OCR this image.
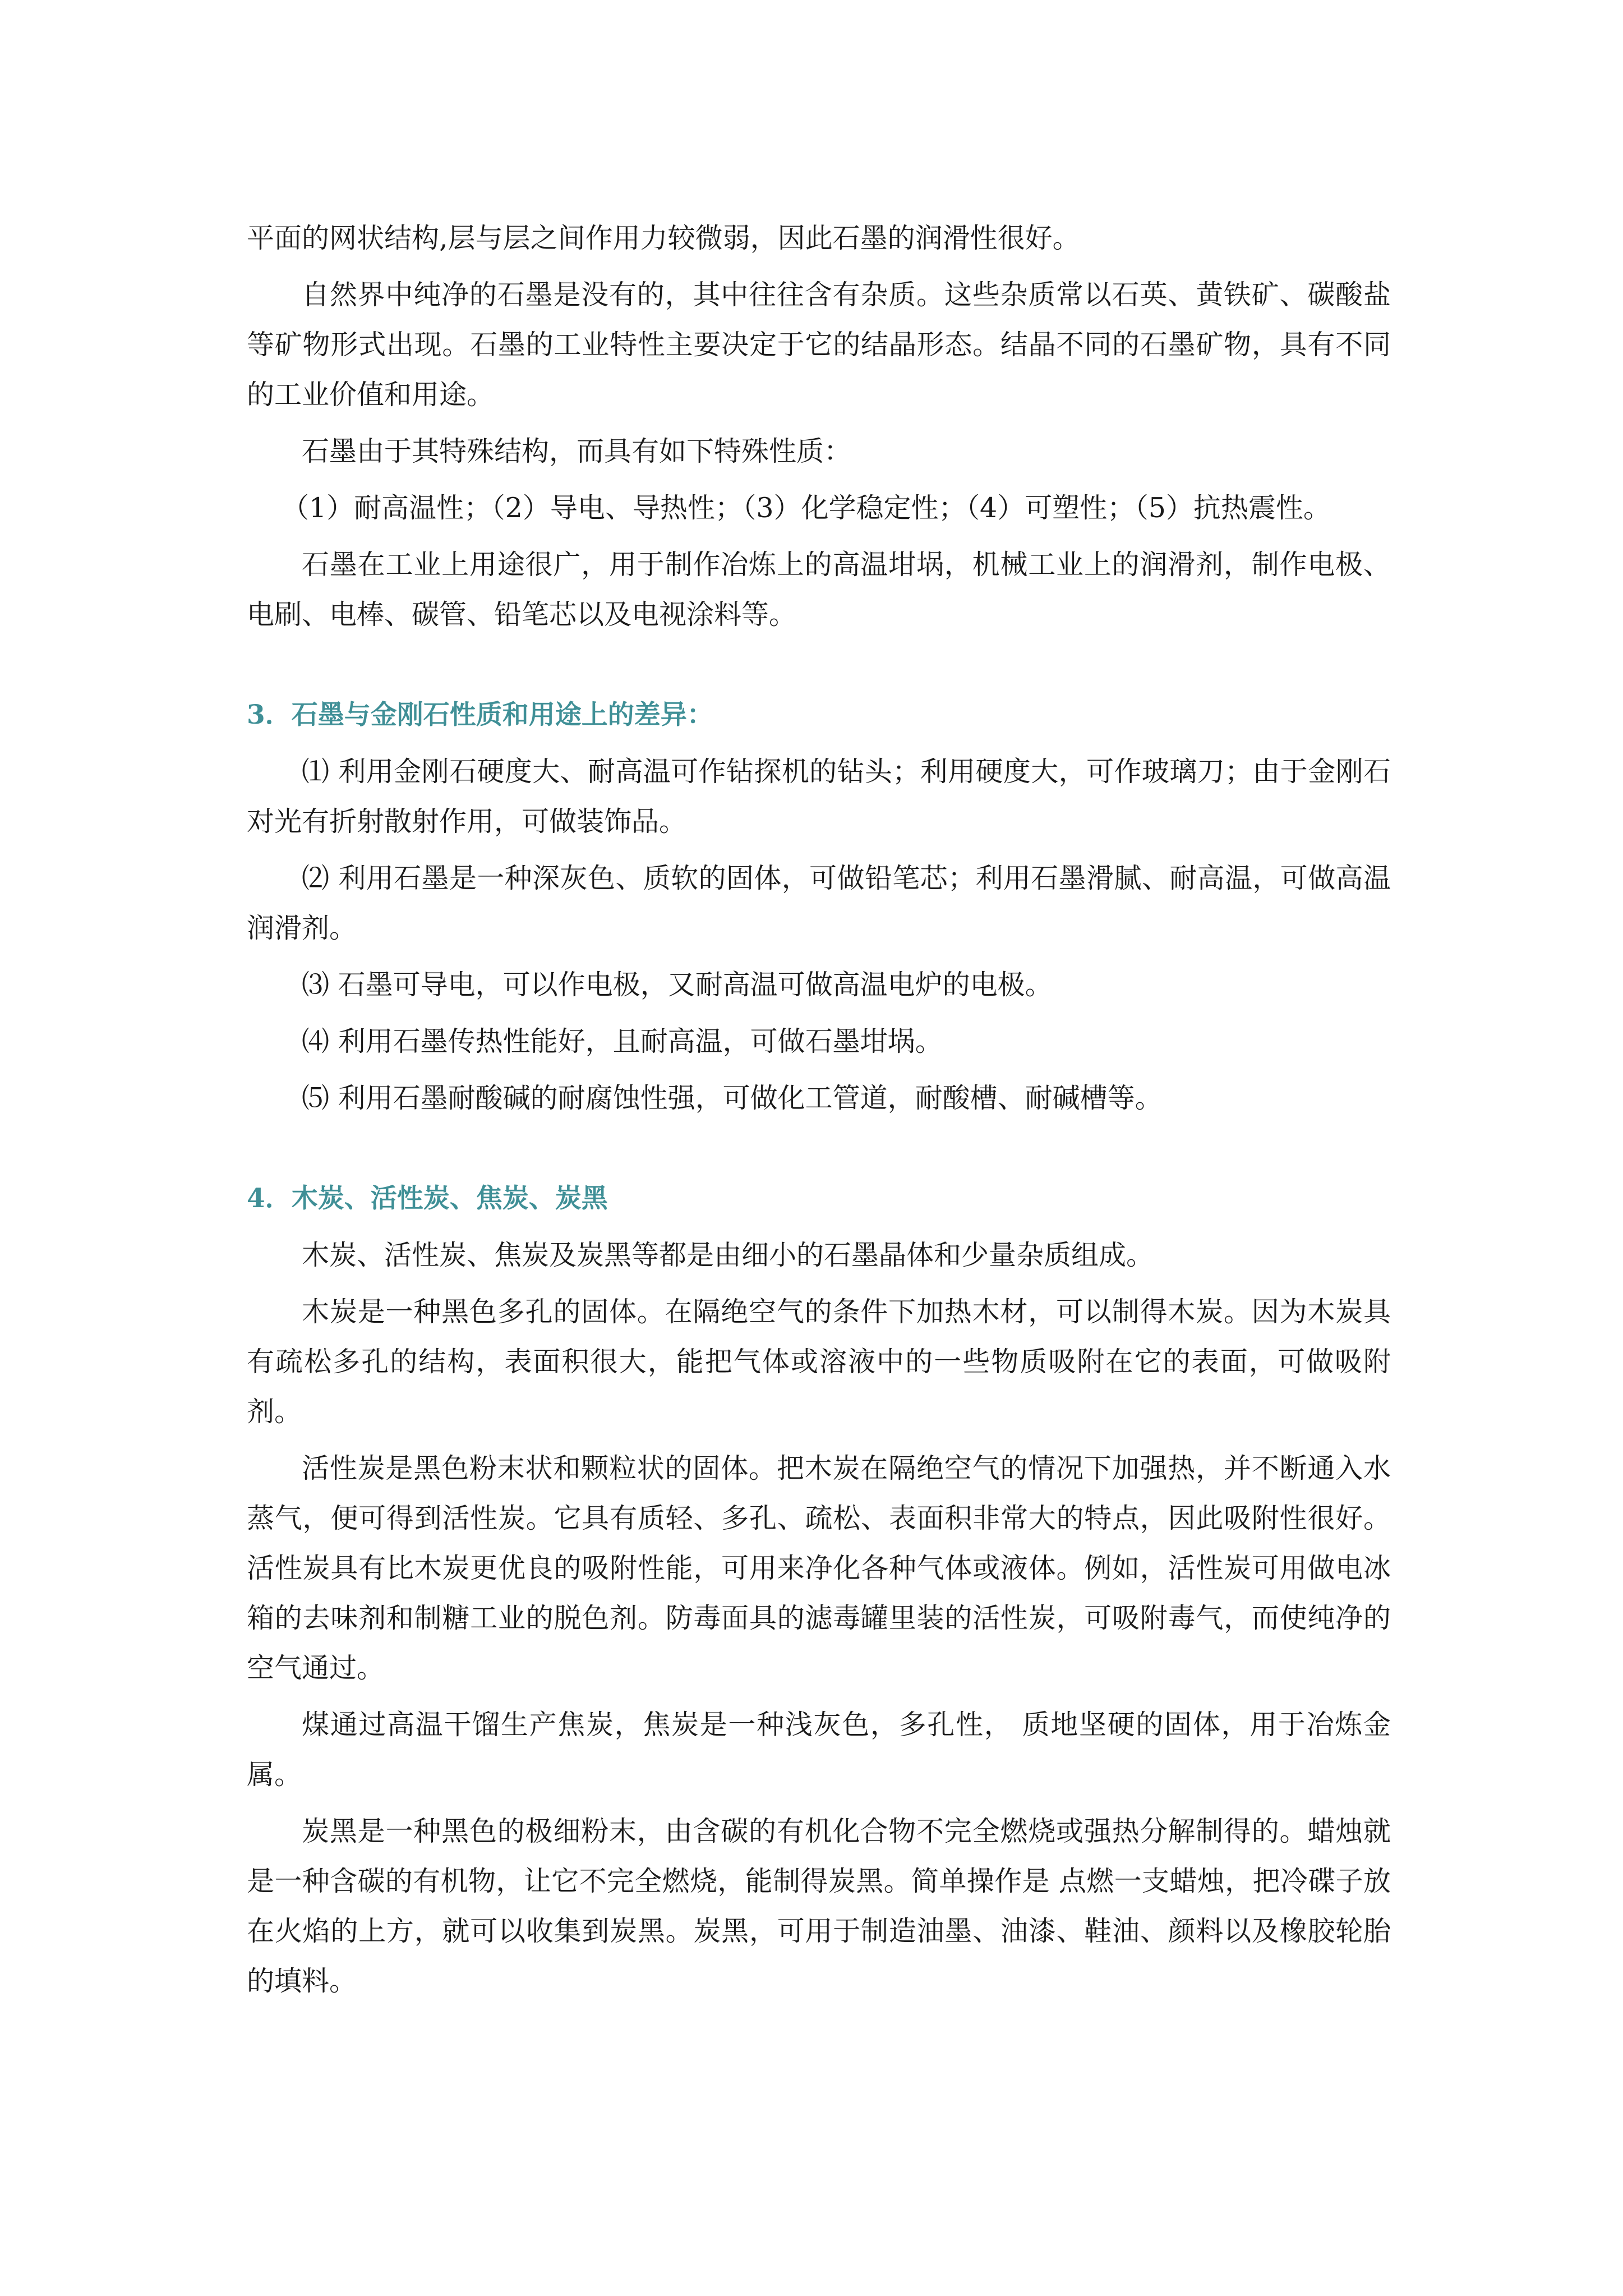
平面的网状结构,层与层之间作用力较微弱，因此石墨的润滑性很好。

自然界中纯净的石墨是没有的，其中往往含有杂质。这些杂质常以石英、黄铁矿、碳酸盐等矿物形式出现。石墨的工业特性主要决定于它的结晶形态。结晶不同的石墨矿物，具有不同的工业价值和用途。

石墨由于其特殊结构，而具有如下特殊性质：

（1）耐高温性；（2）导电、导热性；（3）化学稳定性；（4）可塑性；（5）抗热震性。

石墨在工业上用途很广，用于制作冶炼上的高温坩埚，机械工业上的润滑剂，制作电极、电刷、电棒、碳管、铅笔芯以及电视涂料等。

3．石墨与金刚石性质和用途上的差异：

⑴ 利用金刚石硬度大、耐高温可作钻探机的钻头；利用硬度大，可作玻璃刀；由于金刚石对光有折射散射作用，可做装饰品。

⑵ 利用石墨是一种深灰色、质软的固体，可做铅笔芯；利用石墨滑腻、耐高温，可做高温润滑剂。

⑶ 石墨可导电，可以作电极，又耐高温可做高温电炉的电极。

⑷ 利用石墨传热性能好，且耐高温，可做石墨坩埚。

⑸ 利用石墨耐酸碱的耐腐蚀性强，可做化工管道，耐酸槽、耐碱槽等。

4．木炭、活性炭、焦炭、炭黑

木炭、活性炭、焦炭及炭黑等都是由细小的石墨晶体和少量杂质组成。

木炭是一种黑色多孔的固体。在隔绝空气的条件下加热木材，可以制得木炭。因为木炭具有疏松多孔的结构，表面积很大，能把气体或溶液中的一些物质吸附在它的表面，可做吸附剂。

活性炭是黑色粉末状和颗粒状的固体。把木炭在隔绝空气的情况下加强热，并不断通入水蒸气，便可得到活性炭。它具有质轻、多孔、疏松、表面积非常大的特点，因此吸附性很好。活性炭具有比木炭更优良的吸附性能，可用来净化各种气体或液体。例如，活性炭可用做电冰箱的去味剂和制糖工业的脱色剂。防毒面具的滤毒罐里装的活性炭，可吸附毒气，而使纯净的空气通过。

煤通过高温干馏生产焦炭，焦炭是一种浅灰色，多孔性， 质地坚硬的固体，用于冶炼金属。

炭黑是一种黑色的极细粉末，由含碳的有机化合物不完全燃烧或强热分解制得的。蜡烛就是一种含碳的有机物，让它不完全燃烧，能制得炭黑。简单操作是 点燃一支蜡烛，把冷碟子放在火焰的上方，就可以收集到炭黑。炭黑，可用于制造油墨、油漆、鞋油、颜料以及橡胶轮胎的填料。
